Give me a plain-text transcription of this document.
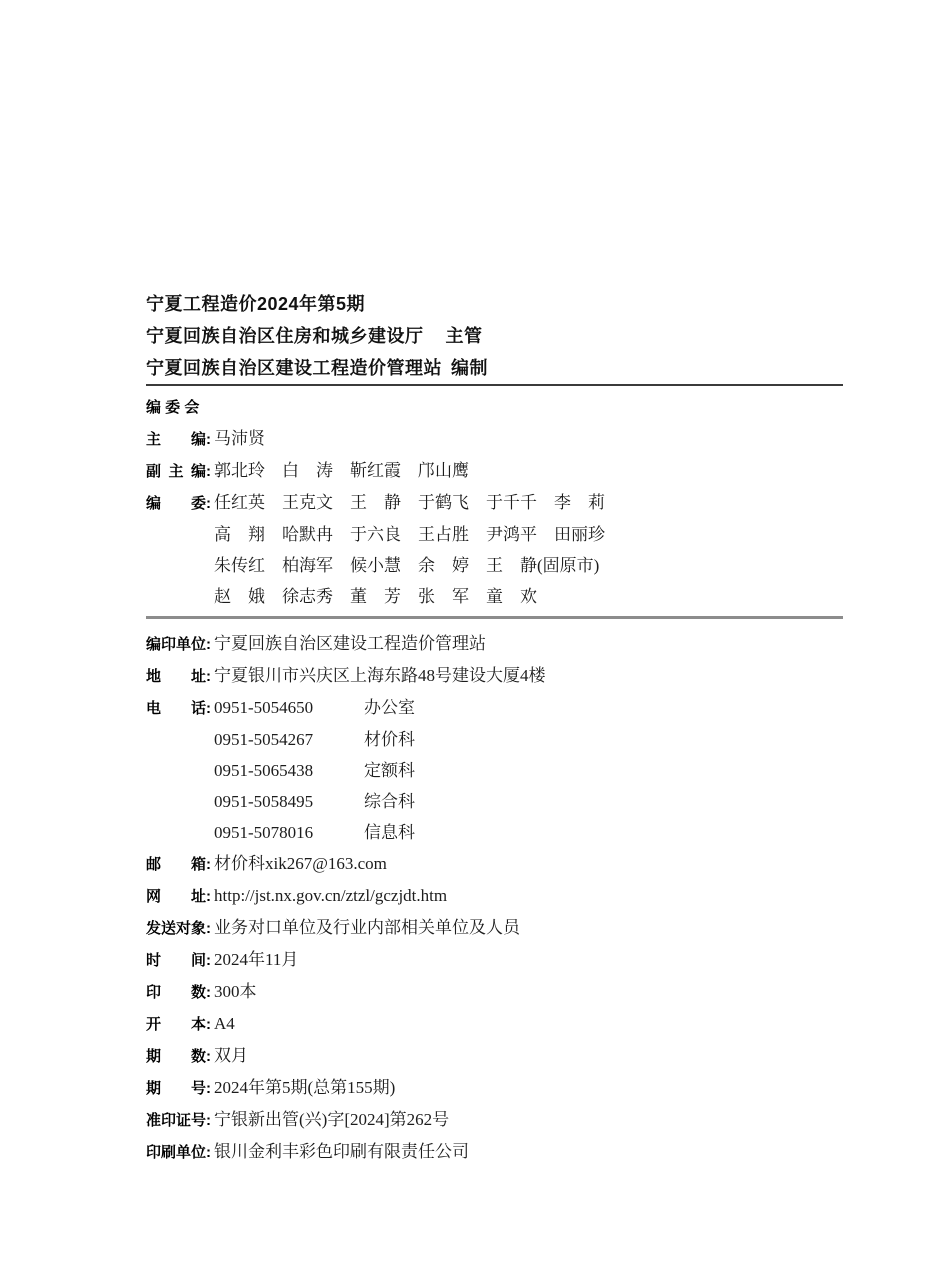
宁夏工程造价2024年第5期
宁夏回族自治区住房和城乡建设厅 主管
宁夏回族自治区建设工程造价管理站 编制
编 委 会
主编 : 马沛贤
副主编 : 郭北玲　白　涛　靳红霞　邝山鹰
编委 : 任红英　王克文　王　静　于鹤飞　于千千　李　莉
高　翔　哈默冉　于六良　王占胜　尹鸿平　田丽珍
朱传红　柏海军　候小慧　余　婷　王　静(固原市)
赵　娥　徐志秀　董　芳　张　军　童　欢
编印单位 : 宁夏回族自治区建设工程造价管理站
地址 : 宁夏银川市兴庆区上海东路48号建设大厦4楼
电话 : 0951-5054650	办公室
0951-5054267	材价科
0951-5065438	定额科
0951-5058495	综合科
0951-5078016	信息科
邮箱 : 材价科xik267@163.com
网址 : http://jst.nx.gov.cn/ztzl/gczjdt.htm
发送对象 : 业务对口单位及行业内部相关单位及人员
时间 : 2024年11月
印数 : 300本
开本 : A4
期数 : 双月
期号 : 2024年第5期(总第155期)
准印证号 : 宁银新出管(兴)字[2024]第262号
印刷单位 : 银川金利丰彩色印刷有限责任公司
